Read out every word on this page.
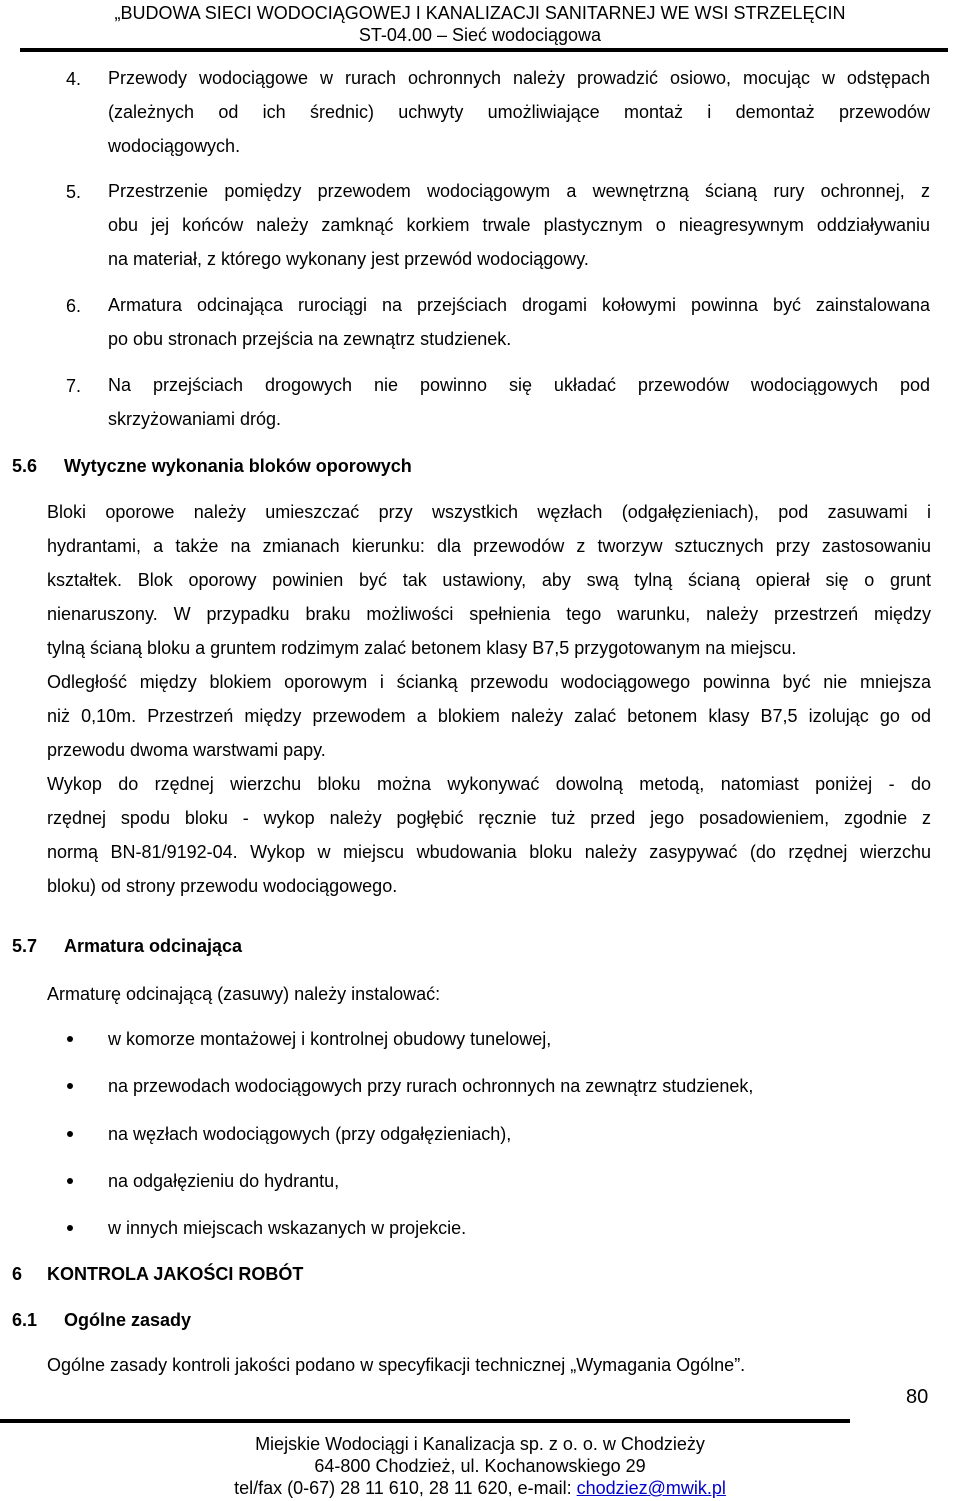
„BUDOWA SIECI WODOCIĄGOWEJ I KANALIZACJI SANITARNEJ WE WSI STRZELĘCIN
ST-04.00 – Sieć wodociągowa
4. Przewody wodociągowe w rurach ochronnych należy prowadzić osiowo, mocując w odstępach
(zależnych od ich średnic) uchwyty umożliwiające montaż i demontaż przewodów
wodociągowych.
5. Przestrzenie pomiędzy przewodem wodociągowym a wewnętrzną ścianą rury ochronnej, z
obu jej końców należy zamknąć korkiem trwale plastycznym o nieagresywnym oddziaływaniu
na materiał, z którego wykonany jest przewód wodociągowy.
6. Armatura odcinająca rurociągi na przejściach drogami kołowymi powinna być zainstalowana
po obu stronach przejścia na zewnątrz studzienek.
7. Na przejściach drogowych nie powinno się układać przewodów wodociągowych pod
skrzyżowaniami dróg.
5.6 Wytyczne wykonania bloków oporowych
Bloki oporowe należy umieszczać przy wszystkich węzłach (odgałęzieniach), pod zasuwami i
hydrantami, a także na zmianach kierunku: dla przewodów z tworzyw sztucznych przy zastosowaniu
kształtek. Blok oporowy powinien być tak ustawiony, aby swą tylną ścianą opierał się o grunt
nienaruszony. W przypadku braku możliwości spełnienia tego warunku, należy przestrzeń między
tylną ścianą bloku a gruntem rodzimym zalać betonem klasy B7,5 przygotowanym na miejscu.
Odległość między blokiem oporowym i ścianką przewodu wodociągowego powinna być nie mniejsza
niż 0,10m. Przestrzeń między przewodem a blokiem należy zalać betonem klasy B7,5 izolując go od
przewodu dwoma warstwami papy.
Wykop do rzędnej wierzchu bloku można wykonywać dowolną metodą, natomiast poniżej - do
rzędnej spodu bloku - wykop należy pogłębić ręcznie tuż przed jego posadowieniem, zgodnie z
normą BN-81/9192-04. Wykop w miejscu wbudowania bloku należy zasypywać (do rzędnej wierzchu
bloku) od strony przewodu wodociągowego.
5.7 Armatura odcinająca
Armaturę odcinającą (zasuwy) należy instalować:
w komorze montażowej i kontrolnej obudowy tunelowej,
na przewodach wodociągowych przy rurach ochronnych na zewnątrz studzienek,
na węzłach wodociągowych (przy odgałęzieniach),
na odgałęzieniu do hydrantu,
w innych miejscach wskazanych w projekcie.
6 KONTROLA JAKOŚCI ROBÓT
6.1 Ogólne zasady
Ogólne zasady kontroli jakości podano w specyfikacji technicznej „Wymagania Ogólne”.
80
Miejskie Wodociągi i Kanalizacja sp. z o. o. w Chodzieży
64-800 Chodzież, ul. Kochanowskiego 29
tel/fax (0-67) 28 11 610, 28 11 620, e-mail: chodziez@mwik.pl
